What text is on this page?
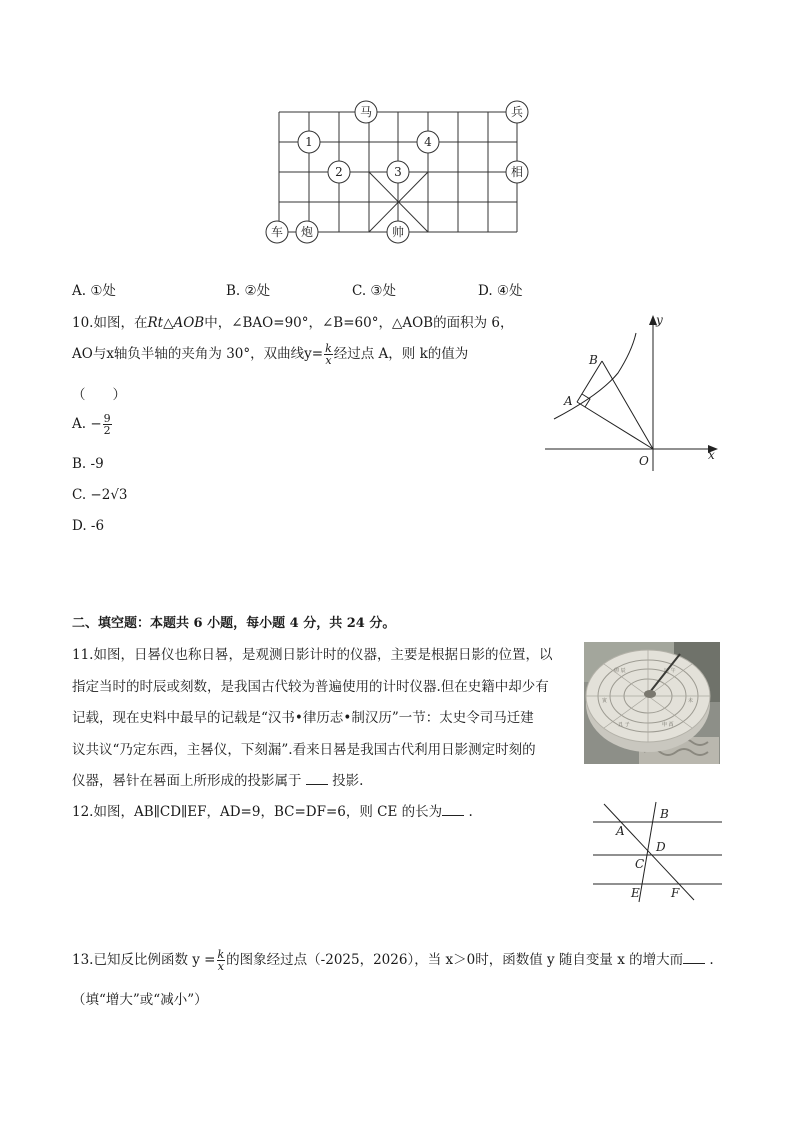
马	兵
1	4
2	3	相
车 炮	帅
A. ①处	B. ②处	C. ③处	D. ④处
10.如图，在Rt△AOB中，∠BAO=90°，∠B=60°，△AOB的面积为 6，
AO与x轴负半轴的夹角为 30°，双曲线$y= \frac{k}{x}$ 经过点 A，则 k的值为
（　　）
A. − $\frac{9}{2}$
B. -9
C. −2√3
D. -6
B
A
O	x
y
二、填空题：本题共 6 小题，每小题 4 分，共 24 分。
11.如图，日晷仪也称日晷，是观测日影计时的仪器，主要是根据日影的位置，以
指定当时的时辰或刻数，是我国古代较为普遍使用的计时仪器.但在史籍中却少有
记载，现在史料中最早的记载是“汉书•律历志•制汉历”一节：太史令司马迁建
议共议“乃定东西，主晷仪，下刻漏”.看来日晷是我国古代利用日影测定时刻的
仪器，晷针在晷面上所形成的投影属于 投影.
卯 辰	巳 午
寅	未
丑 子	申 酉
12.如图，AB∥CD∥EF，AD=9，BC=DF=6，则 CE 的长为 .	B
A
D
C
E	F
13.已知反比例函数 $y = \frac{k}{x}$ 的图象经过点（-2025，2026），当 x＞0时，函数值 y 随自变量 x 的增大而 .
（填“增大”或“减小”）
